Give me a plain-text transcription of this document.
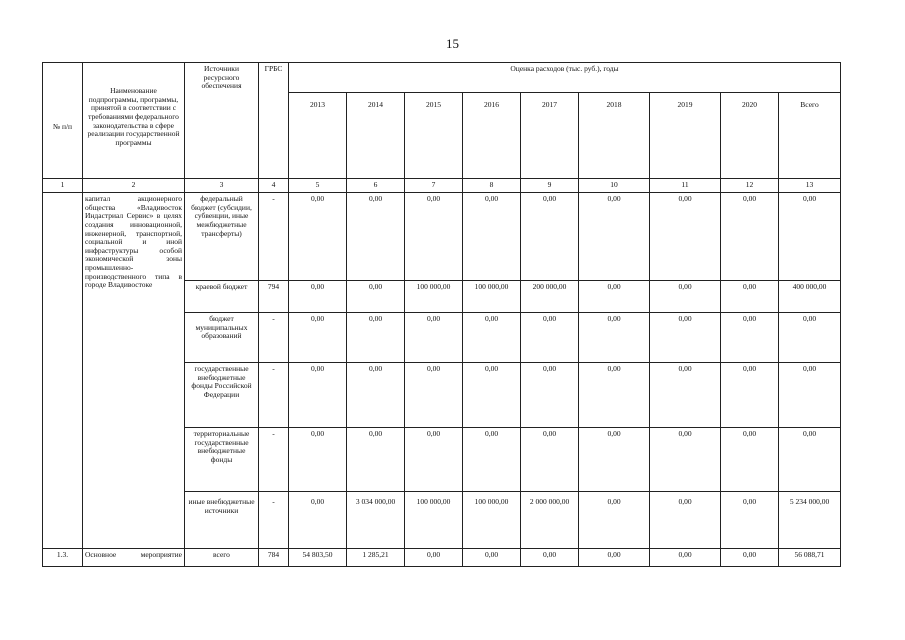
15
№ п/п	Наименование подпрограммы, программы, принятой в соответствии с требованиями федерального законодательства в сфере реализации государственной программы	Источники ресурсного обеспечения	ГРБС	Оценка расходов (тыс. руб.), годы								
				2013	2014	2015	2016	2017	2018	2019	2020	Всего
1	2	3	4	5	6	7	8	9	10	11	12	13
	капитал акционерного общества «Владивосток Индастриал Сервис» в целях создания инновационной, инженерной, транспортной, социальной и иной инфраструктуры особой экономической зоны промышленно-производственного типа в городе Владивостоке	федеральный бюджет (субсидии, субвенции, иные межбюджетные трансферты)	-	0,00	0,00	0,00	0,00	0,00	0,00	0,00	0,00	0,00
		краевой бюджет	794	0,00	0,00	100 000,00	100 000,00	200 000,00	0,00	0,00	0,00	400 000,00
		бюджет муниципальных образований	-	0,00	0,00	0,00	0,00	0,00	0,00	0,00	0,00	0,00
		государственные внебюджетные фонды Российской Федерации	-	0,00	0,00	0,00	0,00	0,00	0,00	0,00	0,00	0,00
		территориальные государственные внебюджетные фонды	-	0,00	0,00	0,00	0,00	0,00	0,00	0,00	0,00	0,00
		иные внебюджетные источники	-	0,00	3 034 000,00	100 000,00	100 000,00	2 000 000,00	0,00	0,00	0,00	5 234 000,00
1.3.	Основное мероприятие	всего	784	54 803,50	1 285,21	0,00	0,00	0,00	0,00	0,00	0,00	56 088,71
